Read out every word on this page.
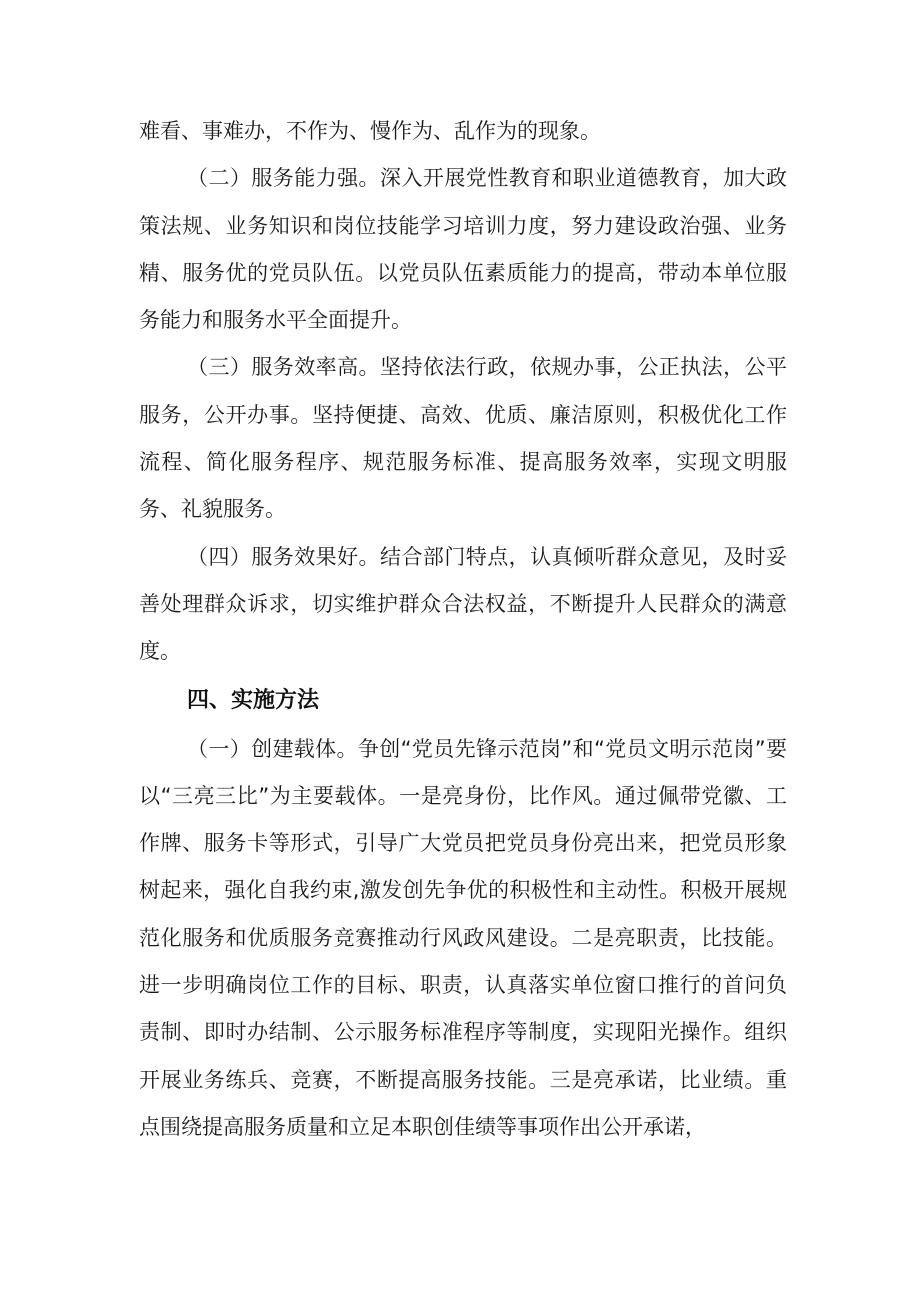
难看、事难办，不作为、慢作为、乱作为的现象。

（二）服务能力强。深入开展党性教育和职业道德教育，加大政策法规、业务知识和岗位技能学习培训力度，努力建设政治强、业务精、服务优的党员队伍。以党员队伍素质能力的提高，带动本单位服务能力和服务水平全面提升。

（三）服务效率高。坚持依法行政，依规办事，公正执法，公平服务，公开办事。坚持便捷、高效、优质、廉洁原则，积极优化工作流程、简化服务程序、规范服务标准、提高服务效率，实现文明服务、礼貌服务。

（四）服务效果好。结合部门特点，认真倾听群众意见，及时妥善处理群众诉求，切实维护群众合法权益，不断提升人民群众的满意度。

四、实施方法

（一）创建载体。争创“党员先锋示范岗”和“党员文明示范岗”要以“三亮三比”为主要载体。一是亮身份，比作风。通过佩带党徽、工作牌、服务卡等形式，引导广大党员把党员身份亮出来，把党员形象树起来，强化自我约束,激发创先争优的积极性和主动性。积极开展规范化服务和优质服务竞赛推动行风政风建设。二是亮职责，比技能。进一步明确岗位工作的目标、职责，认真落实单位窗口推行的首问负责制、即时办结制、公示服务标准程序等制度，实现阳光操作。组织开展业务练兵、竞赛，不断提高服务技能。三是亮承诺，比业绩。重点围绕提高服务质量和立足本职创佳绩等事项作出公开承诺，
